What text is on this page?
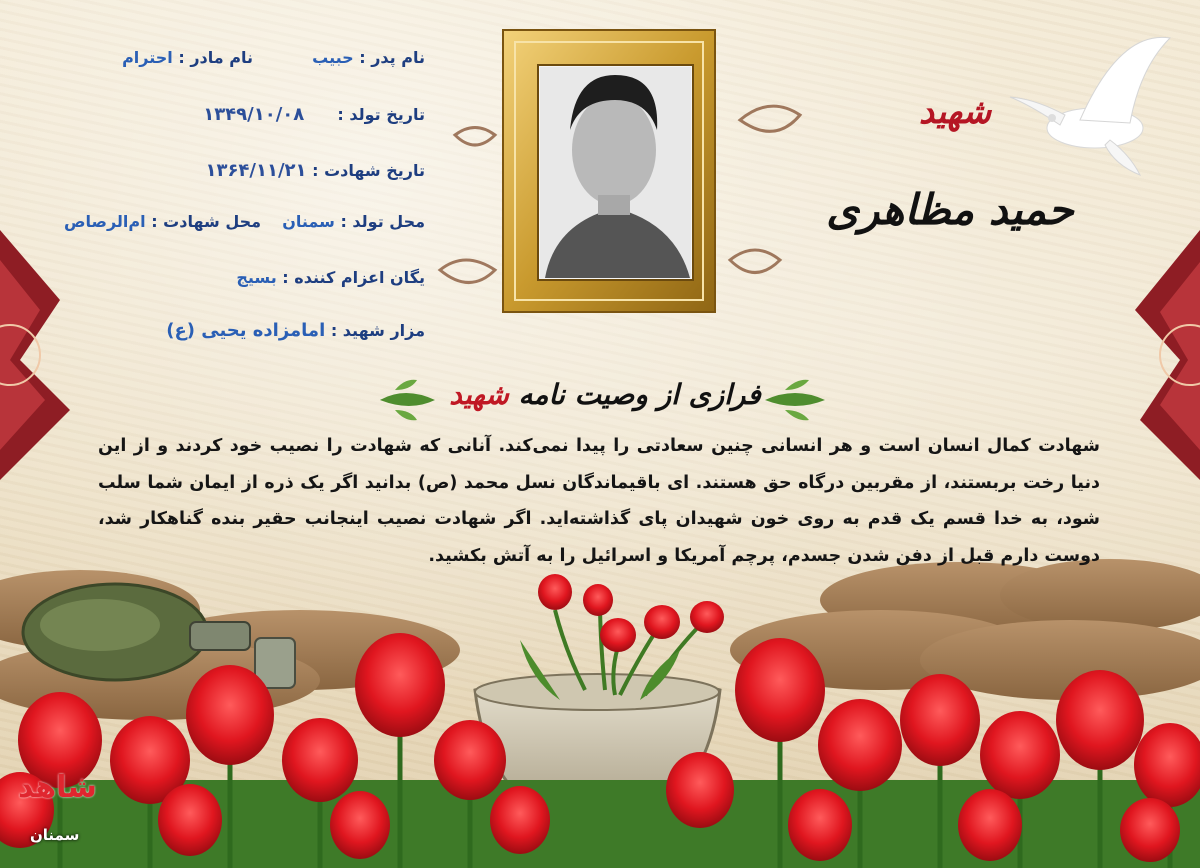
شهید
حمید مظاهری
نام پدر : حبیب  نام مادر : احترام
تاریخ تولد :  ۱۳۴۹/۱۰/۰۸
تاریخ شهادت : ۱۳۶۴/۱۱/۲۱
محل تولد : سمنان  محل شهادت : ام‌الرصاص
یگان اعزام کننده : بسیج
مزار شهید : امامزاده یحیی (ع)
فرازی از وصیت نامه شهید
شهادت کمال انسان است و هر انسانی چنین سعادتی را پیدا نمی‌کند. آنانی که شهادت را نصیب خود کردند و از این دنیا رخت بربستند، از مقربین درگاه حق هستند. ای باقیماندگان نسل محمد (ص) بدانید اگر یک ذره از ایمان شما سلب شود، به خدا قسم یک قدم به روی خون شهیدان پای گذاشته‌اید. اگر شهادت نصیب اینجانب حقیر بنده گناهکار شد، دوست دارم قبل از دفن شدن جسدم، پرچم آمریکا و اسرائیل را به آتش بکشید.
شاهد
سمنان
